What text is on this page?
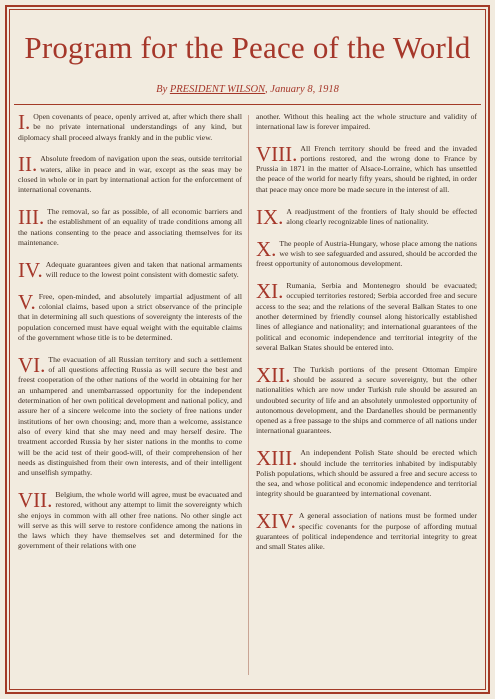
Program for the Peace of the World
By PRESIDENT WILSON, January 8, 1918
I. Open covenants of peace, openly arrived at, after which there shall be no private international understandings of any kind, but diplomacy shall proceed always frankly and in the public view.
II. Absolute freedom of navigation upon the seas, outside territorial waters, alike in peace and in war, except as the seas may be closed in whole or in part by international action for the enforcement of international covenants.
III. The removal, so far as possible, of all economic barriers and the establishment of an equality of trade conditions among all the nations consenting to the peace and associating themselves for its maintenance.
IV. Adequate guarantees given and taken that national armaments will reduce to the lowest point consistent with domestic safety.
V. Free, open-minded, and absolutely impartial adjustment of all colonial claims, based upon a strict observance of the principle that in determining all such questions of sovereignty the interests of the population concerned must have equal weight with the equitable claims of the government whose title is to be determined.
VI. The evacuation of all Russian territory and such a settlement of all questions affecting Russia as will secure the best and freest cooperation of the other nations of the world in obtaining for her an unhampered and unembarrassed opportunity for the independent determination of her own political development and national policy, and assure her of a sincere welcome into the society of free nations under institutions of her own choosing; and, more than a welcome, assistance also of every kind that she may need and may herself desire. The treatment accorded Russia by her sister nations in the months to come will be the acid test of their good-will, of their comprehension of her needs as distinguished from their own interests, and of their intelligent and unselfish sympathy.
VII. Belgium, the whole world will agree, must be evacuated and restored, without any attempt to limit the sovereignty which she enjoys in common with all other free nations. No other single act will serve as this will serve to restore confidence among the nations in the laws which they have themselves set and determined for the government of their relations with one
another. Without this healing act the whole structure and validity of international law is forever impaired.
VIII. All French territory should be freed and the invaded portions restored, and the wrong done to France by Prussia in 1871 in the matter of Alsace-Lorraine, which has unsettled the peace of the world for nearly fifty years, should be righted, in order that peace may once more be made secure in the interest of all.
IX. A readjustment of the frontiers of Italy should be effected along clearly recognizable lines of nationality.
X. The people of Austria-Hungary, whose place among the nations we wish to see safeguarded and assured, should be accorded the freest opportunity of autonomous development.
XI. Rumania, Serbia and Montenegro should be evacuated; occupied territories restored; Serbia accorded free and secure access to the sea; and the relations of the several Balkan States to one another determined by friendly counsel along historically established lines of allegiance and nationality; and international guarantees of the political and economic independence and territorial integrity of the several Balkan States should be entered into.
XII. The Turkish portions of the present Ottoman Empire should be assured a secure sovereignty, but the other nationalities which are now under Turkish rule should be assured an undoubted security of life and an absolutely unmolested opportunity of autonomous development, and the Dardanelles should be permanently opened as a free passage to the ships and commerce of all nations under international guarantees.
XIII. An independent Polish State should be erected which should include the territories inhabited by indisputably Polish populations, which should be assured a free and secure access to the sea, and whose political and economic independence and territorial integrity should be guaranteed by international covenant.
XIV. A general association of nations must be formed under specific covenants for the purpose of affording mutual guarantees of political independence and territorial integrity to great and small States alike.
